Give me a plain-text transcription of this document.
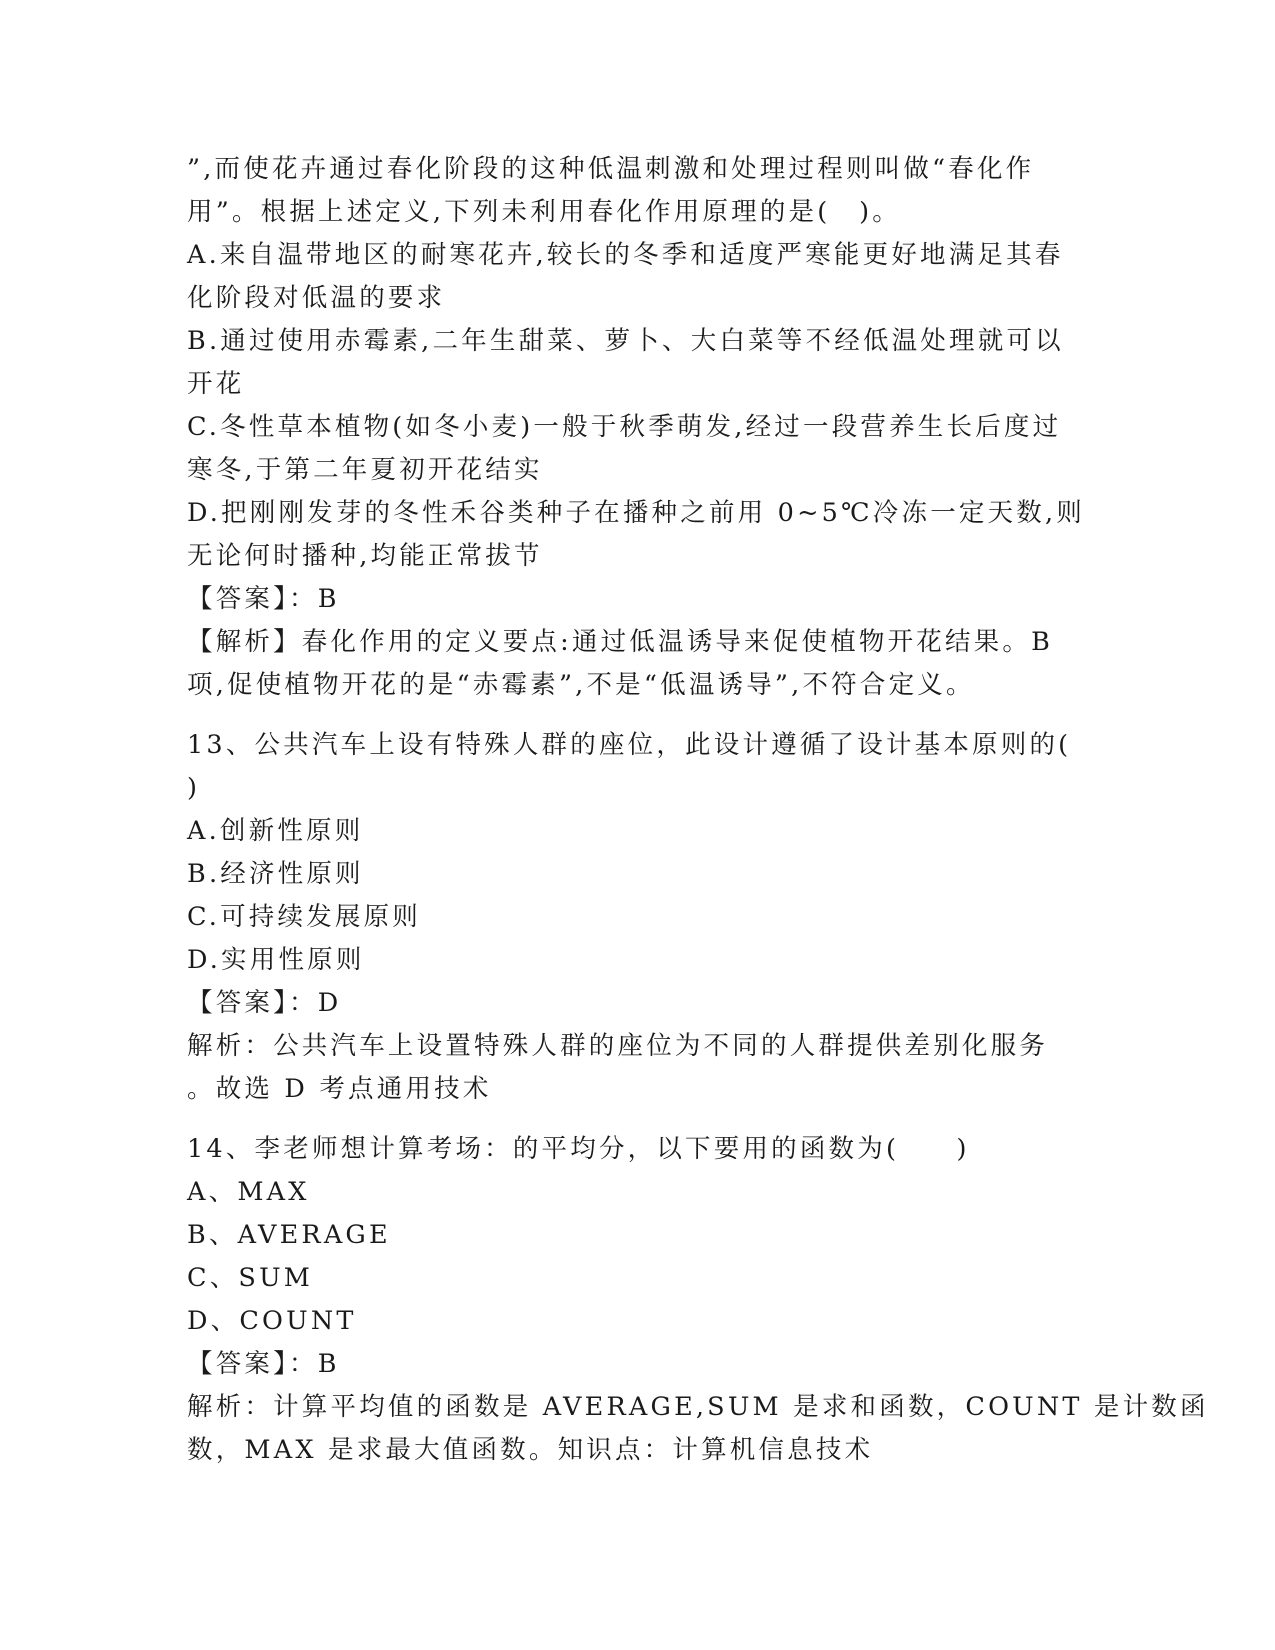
”,而使花卉通过春化阶段的这种低温刺激和处理过程则叫做“春化作
用”。根据上述定义,下列未利用春化作用原理的是(　)。
A.来自温带地区的耐寒花卉,较长的冬季和适度严寒能更好地满足其春
化阶段对低温的要求
B.通过使用赤霉素,二年生甜菜、萝卜、大白菜等不经低温处理就可以
开花
C.冬性草本植物(如冬小麦)一般于秋季萌发,经过一段营养生长后度过
寒冬,于第二年夏初开花结实
D.把刚刚发芽的冬性禾谷类种子在播种之前用 0~5℃冷冻一定天数,则
无论何时播种,均能正常拔节
【答案】：B
【解析】春化作用的定义要点:通过低温诱导来促使植物开花结果。B
项,促使植物开花的是“赤霉素”,不是“低温诱导”,不符合定义。
13、公共汽车上设有特殊人群的座位，此设计遵循了设计基本原则的(
)
A.创新性原则
B.经济性原则
C.可持续发展原则
D.实用性原则
【答案】：D
解析：公共汽车上设置特殊人群的座位为不同的人群提供差别化服务
。故选 D 考点通用技术
14、李老师想计算考场：的平均分，以下要用的函数为(　　)
A、MAX
B、AVERAGE
C、SUM
D、COUNT
【答案】：B
解析：计算平均值的函数是 AVERAGE,SUM 是求和函数，COUNT 是计数函
数，MAX 是求最大值函数。知识点：计算机信息技术
